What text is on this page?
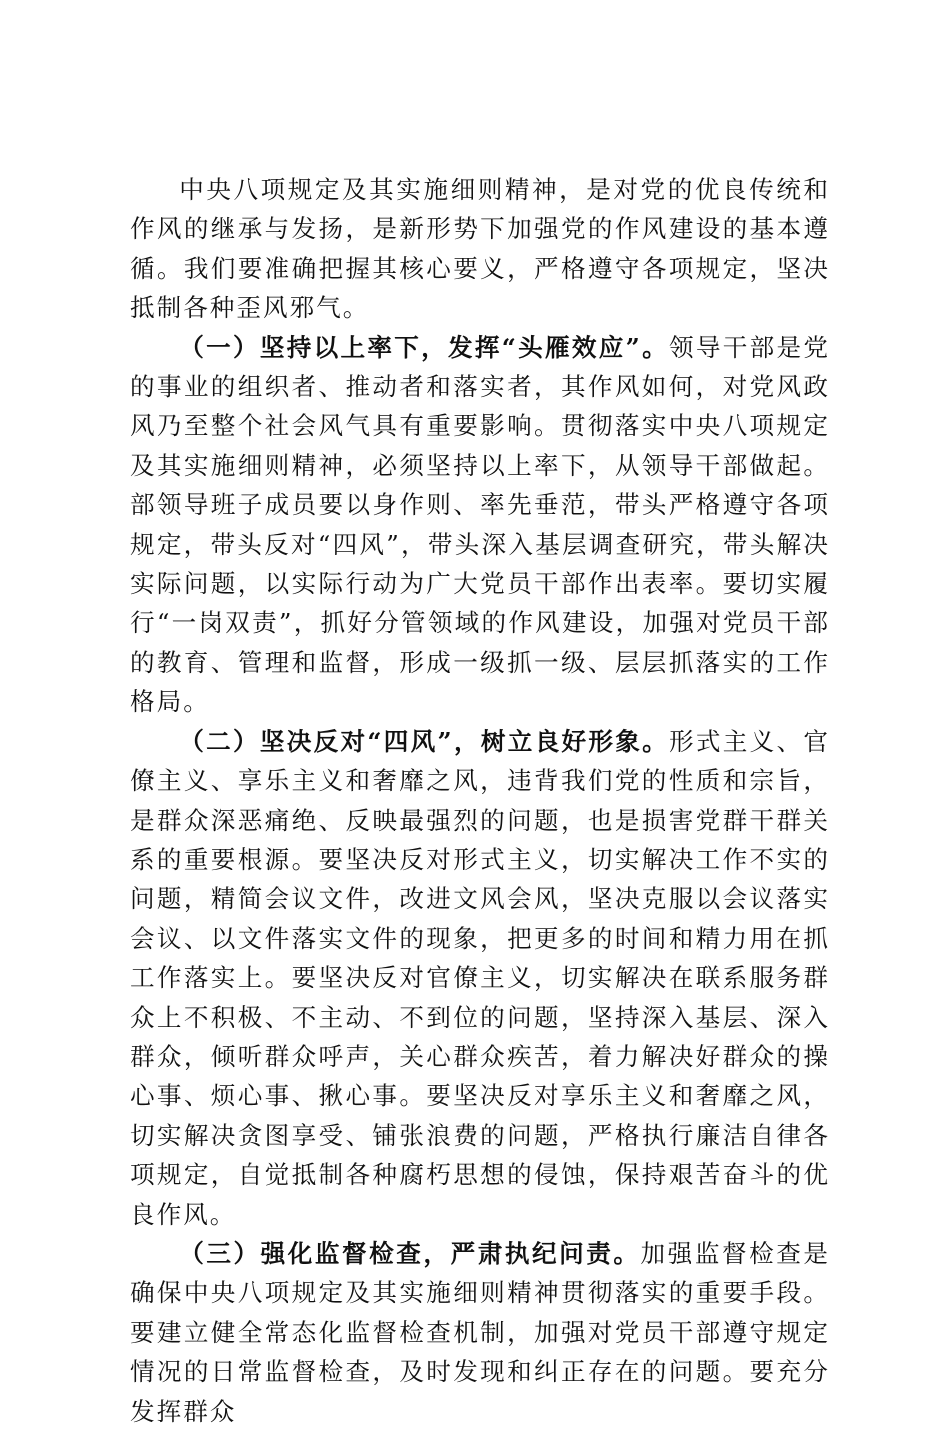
中央八项规定及其实施细则精神，是对党的优良传统和作风的继承与发扬，是新形势下加强党的作风建设的基本遵循。我们要准确把握其核心要义，严格遵守各项规定，坚决抵制各种歪风邪气。

（一）坚持以上率下，发挥“头雁效应”。领导干部是党的事业的组织者、推动者和落实者，其作风如何，对党风政风乃至整个社会风气具有重要影响。贯彻落实中央八项规定及其实施细则精神，必须坚持以上率下，从领导干部做起。部领导班子成员要以身作则、率先垂范，带头严格遵守各项规定，带头反对“四风”，带头深入基层调查研究，带头解决实际问题，以实际行动为广大党员干部作出表率。要切实履行“一岗双责”，抓好分管领域的作风建设，加强对党员干部的教育、管理和监督，形成一级抓一级、层层抓落实的工作格局。

（二）坚决反对“四风”，树立良好形象。形式主义、官僚主义、享乐主义和奢靡之风，违背我们党的性质和宗旨，是群众深恶痛绝、反映最强烈的问题，也是损害党群干群关系的重要根源。要坚决反对形式主义，切实解决工作不实的问题，精简会议文件，改进文风会风，坚决克服以会议落实会议、以文件落实文件的现象，把更多的时间和精力用在抓工作落实上。要坚决反对官僚主义，切实解决在联系服务群众上不积极、不主动、不到位的问题，坚持深入基层、深入群众，倾听群众呼声，关心群众疾苦，着力解决好群众的操心事、烦心事、揪心事。要坚决反对享乐主义和奢靡之风，切实解决贪图享受、铺张浪费的问题，严格执行廉洁自律各项规定，自觉抵制各种腐朽思想的侵蚀，保持艰苦奋斗的优良作风。

（三）强化监督检查，严肃执纪问责。加强监督检查是确保中央八项规定及其实施细则精神贯彻落实的重要手段。要建立健全常态化监督检查机制，加强对党员干部遵守规定情况的日常监督检查，及时发现和纠正存在的问题。要充分发挥群众
